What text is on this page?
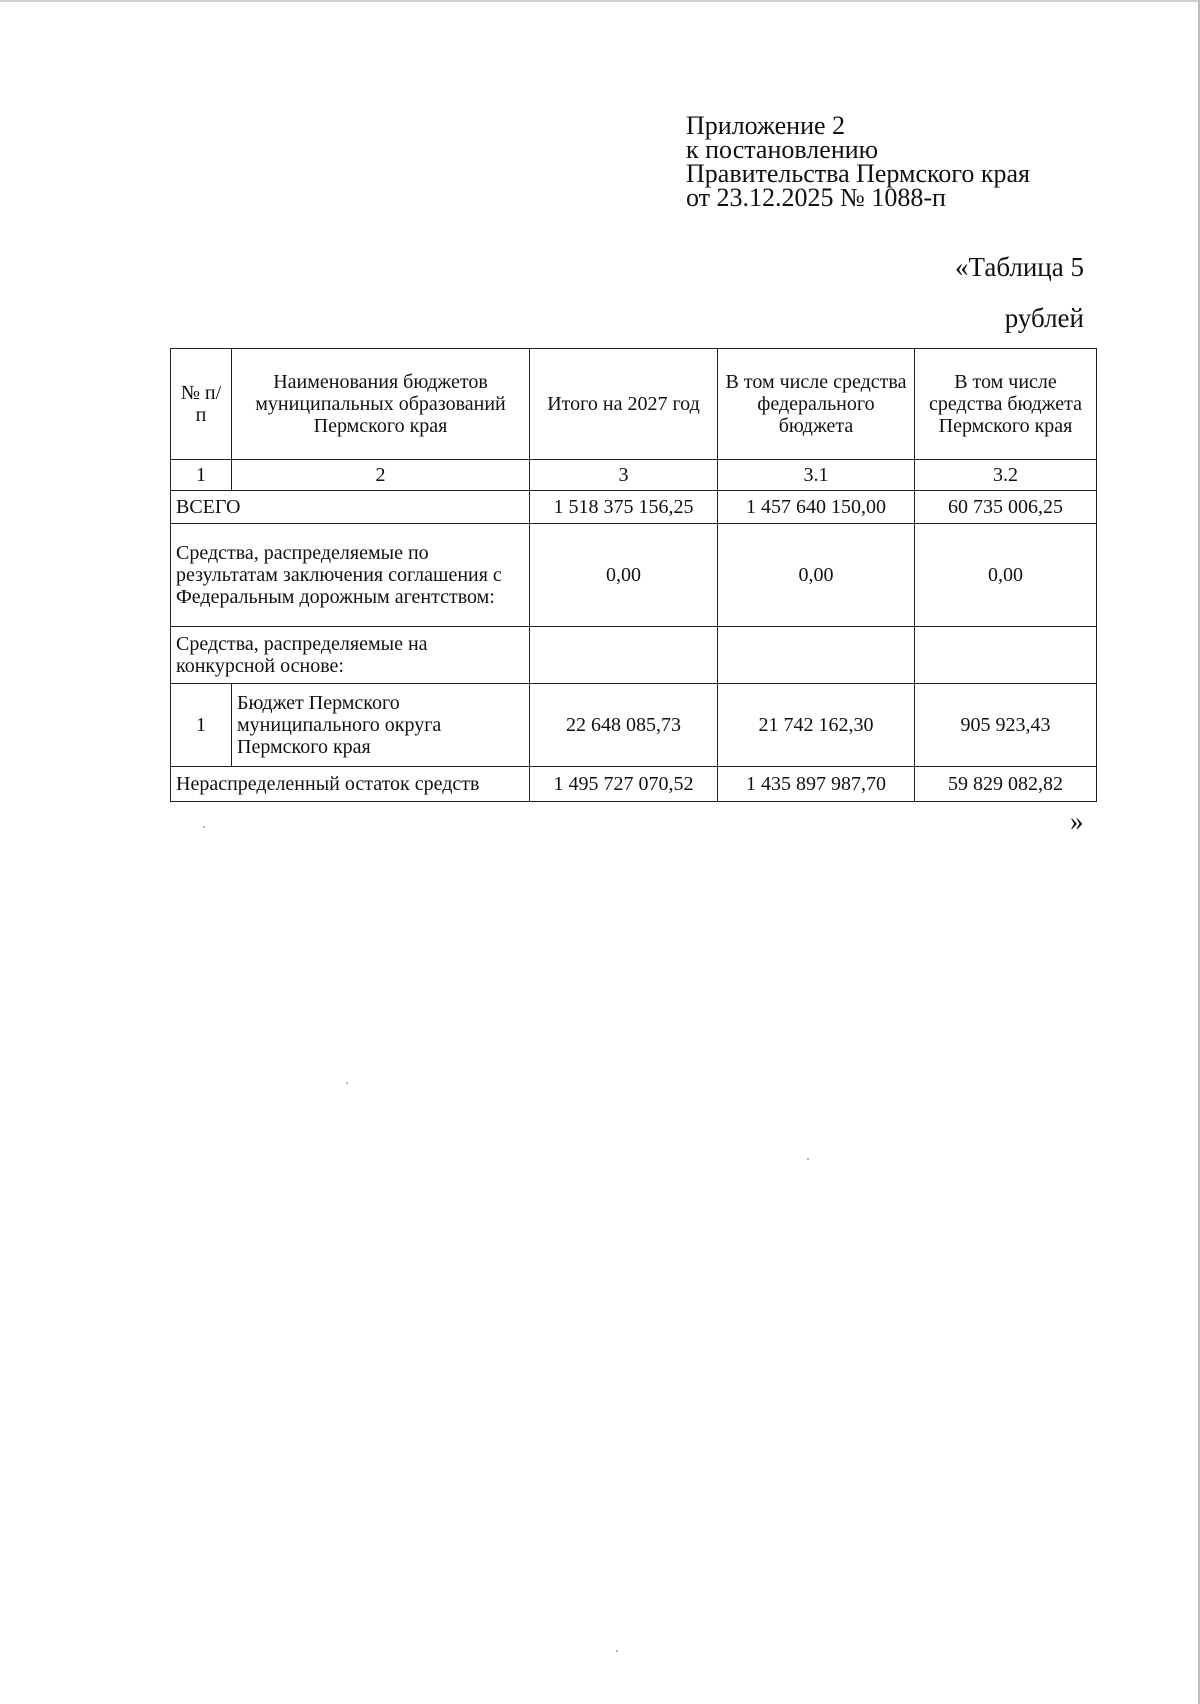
Приложение 2
к постановлению
Правительства Пермского края
от 23.12.2025 № 1088-п
«Таблица 5
рублей
№ п/п	Наименования бюджетов муниципальных образований Пермского края	Итого на 2027 год	В том числе средства федерального бюджета	В том числе средства бюджета Пермского края
1	2	3	3.1	3.2
ВСЕГО		1 518 375 156,25	1 457 640 150,00	60 735 006,25
Средства, распределяемые по результатам заключения соглашения с Федеральным дорожным агентством:		0,00	0,00	0,00
Средства, распределяемые на конкурсной основе:				
1	Бюджет Пермского муниципального округа Пермского края	22 648 085,73	21 742 162,30	905 923,43
Нераспределенный остаток средств		1 495 727 070,52	1 435 897 987,70	59 829 082,82
»
